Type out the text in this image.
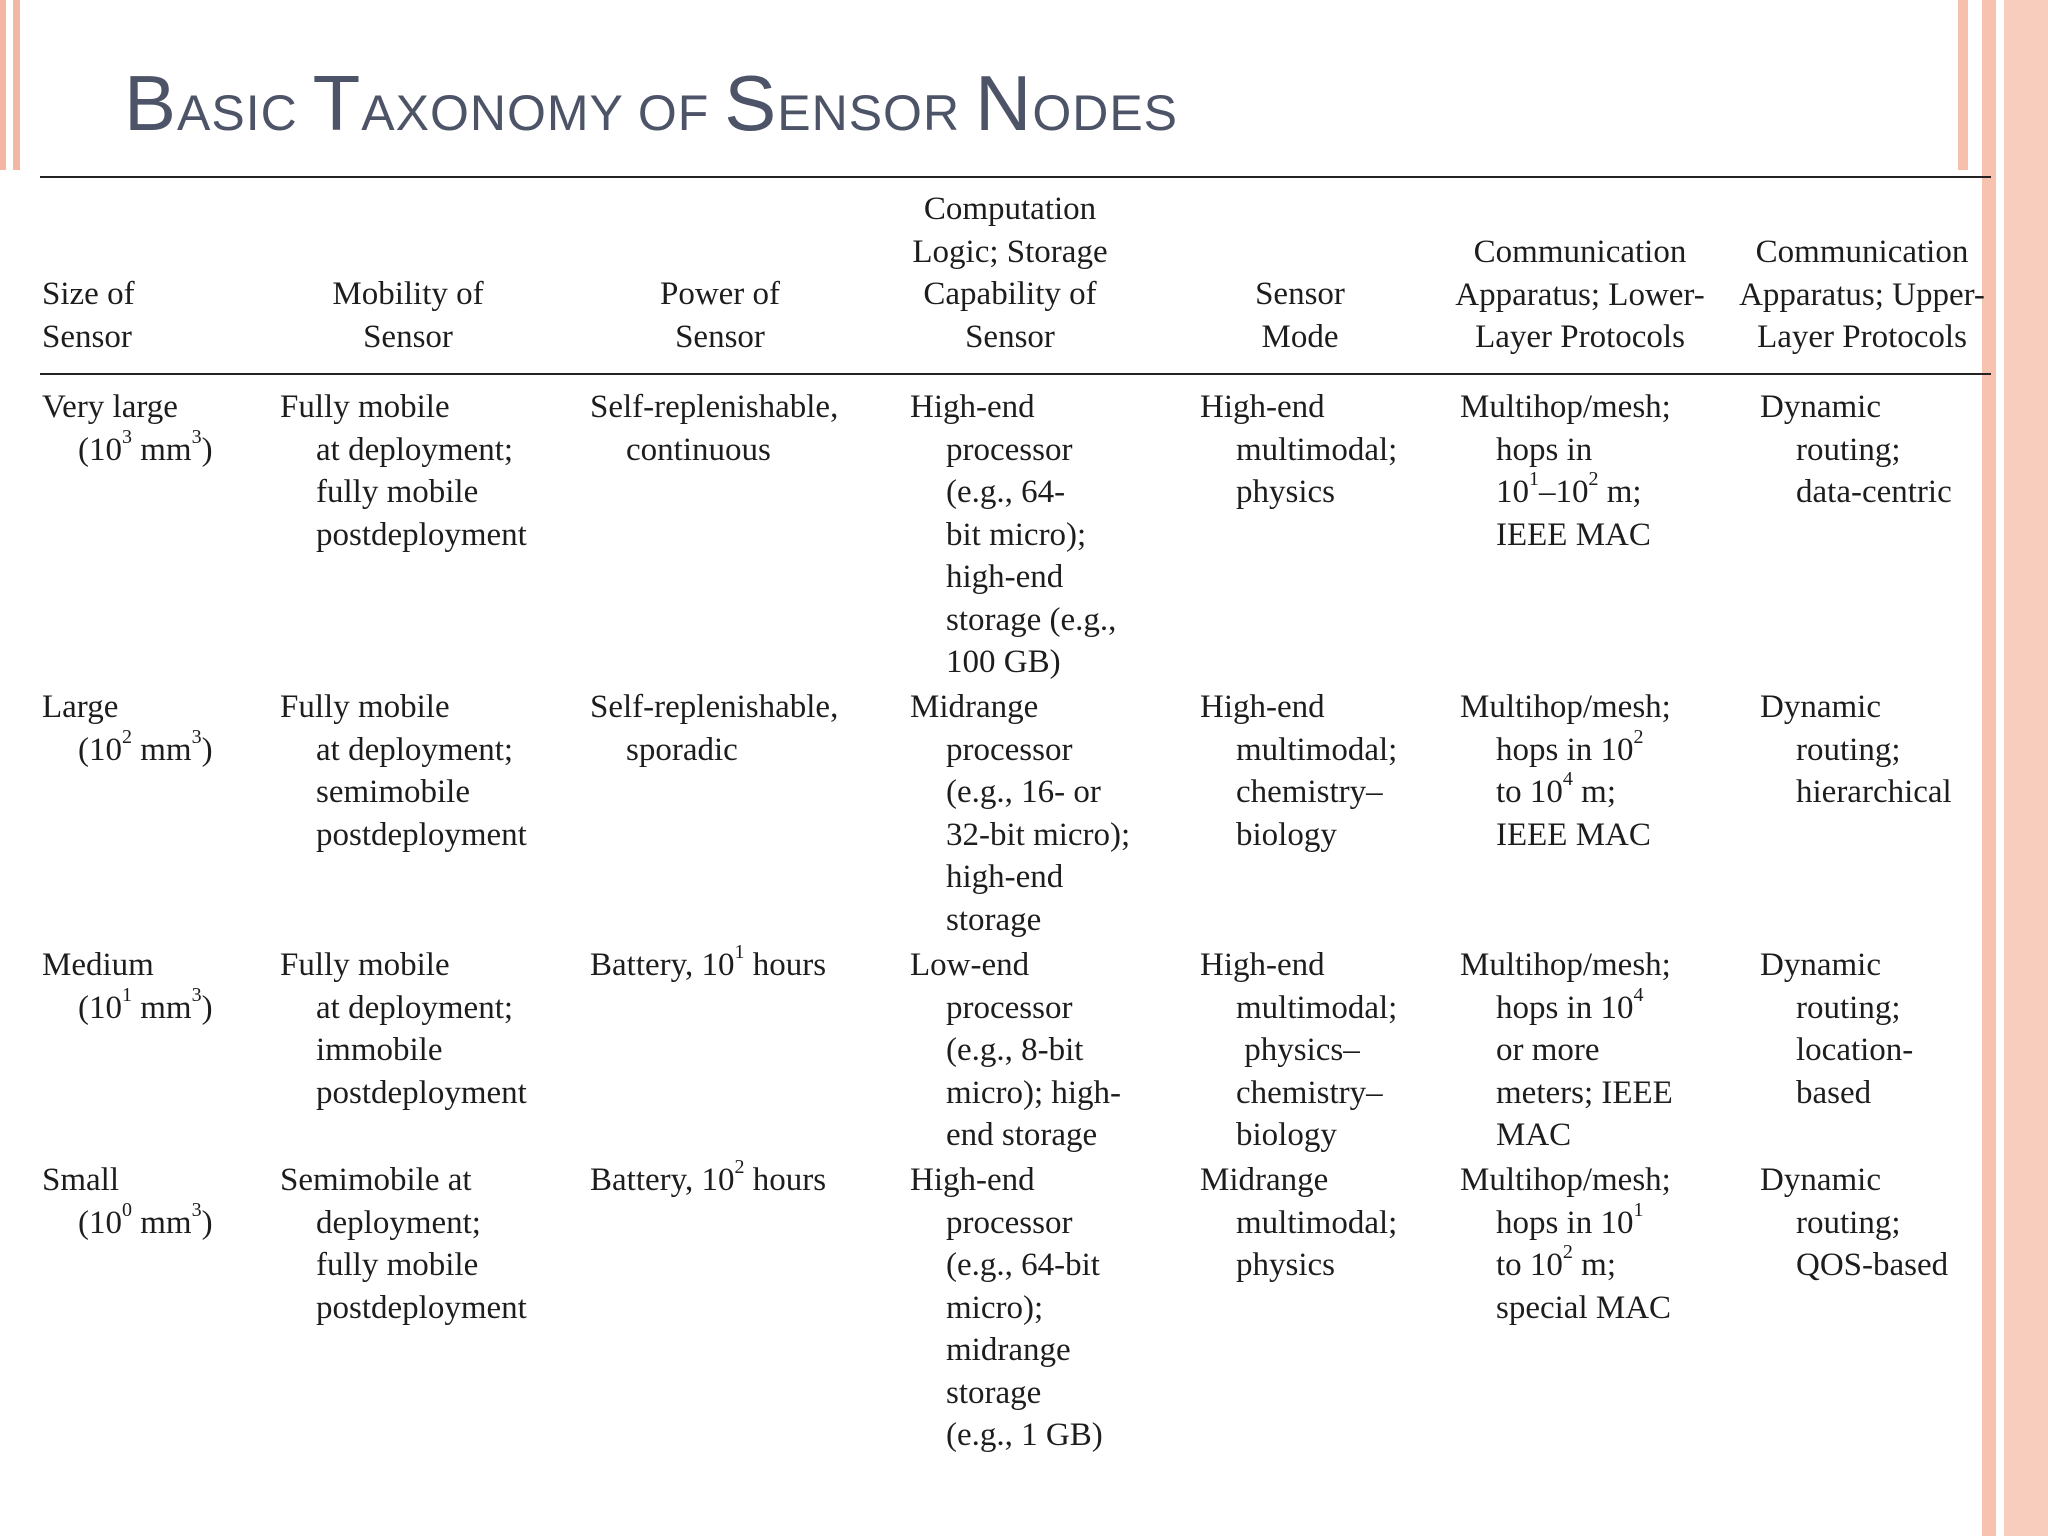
BASIC TAXONOMY OF SENSOR NODES
Size of
Sensor
Mobility of
Sensor
Power of
Sensor
Computation
Logic; Storage
Capability of
Sensor
Sensor
Mode
Communication
Apparatus; Lower-
Layer Protocols
Communication
Apparatus; Upper-
Layer Protocols
Very large
($10^3$ $mm^3$)
Fully mobile
at deployment;
fully mobile
postdeployment
Self-replenishable,
continuous
High-end
processor
(e.g., 64-
bit micro);
high-end
storage (e.g.,
100 GB)
High-end
multimodal;
physics
Multihop/mesh;
hops in
$10^1-10^2$ m;
IEEE MAC
Dynamic
routing;
data-centric
Large
($10^2$ $mm^3$)
Fully mobile
at deployment;
semimobile
postdeployment
Self-replenishable,
sporadic
Midrange
processor
(e.g., 16- or
32-bit micro);
high-end
storage
High-end
multimodal;
chemistry–
biology
Multihop/mesh;
hops in $10^2$
to $10^4$ m;
IEEE MAC
Dynamic
routing;
hierarchical
Medium
($10^1$ $mm^3$)
Fully mobile
at deployment;
immobile
postdeployment
Battery, $10^1$ hours	Low-end
processor
(e.g., 8-bit
micro); high-
end storage
High-end
multimodal;
physics–
chemistry–
biology
Multihop/mesh;
hops in $10^4$
or more
meters; IEEE
MAC
Dynamic
routing;
location-
based
Small
($10^0$ $mm^3$)
Semimobile at
deployment;
fully mobile
postdeployment
Battery, $10^2$ hours	High-end
processor
(e.g., 64-bit
micro);
midrange
storage
(e.g., 1 GB)
Midrange
multimodal;
physics
Multihop/mesh;
hops in $10^1$
to $10^2$ m;
special MAC
Dynamic
routing;
QOS-based
